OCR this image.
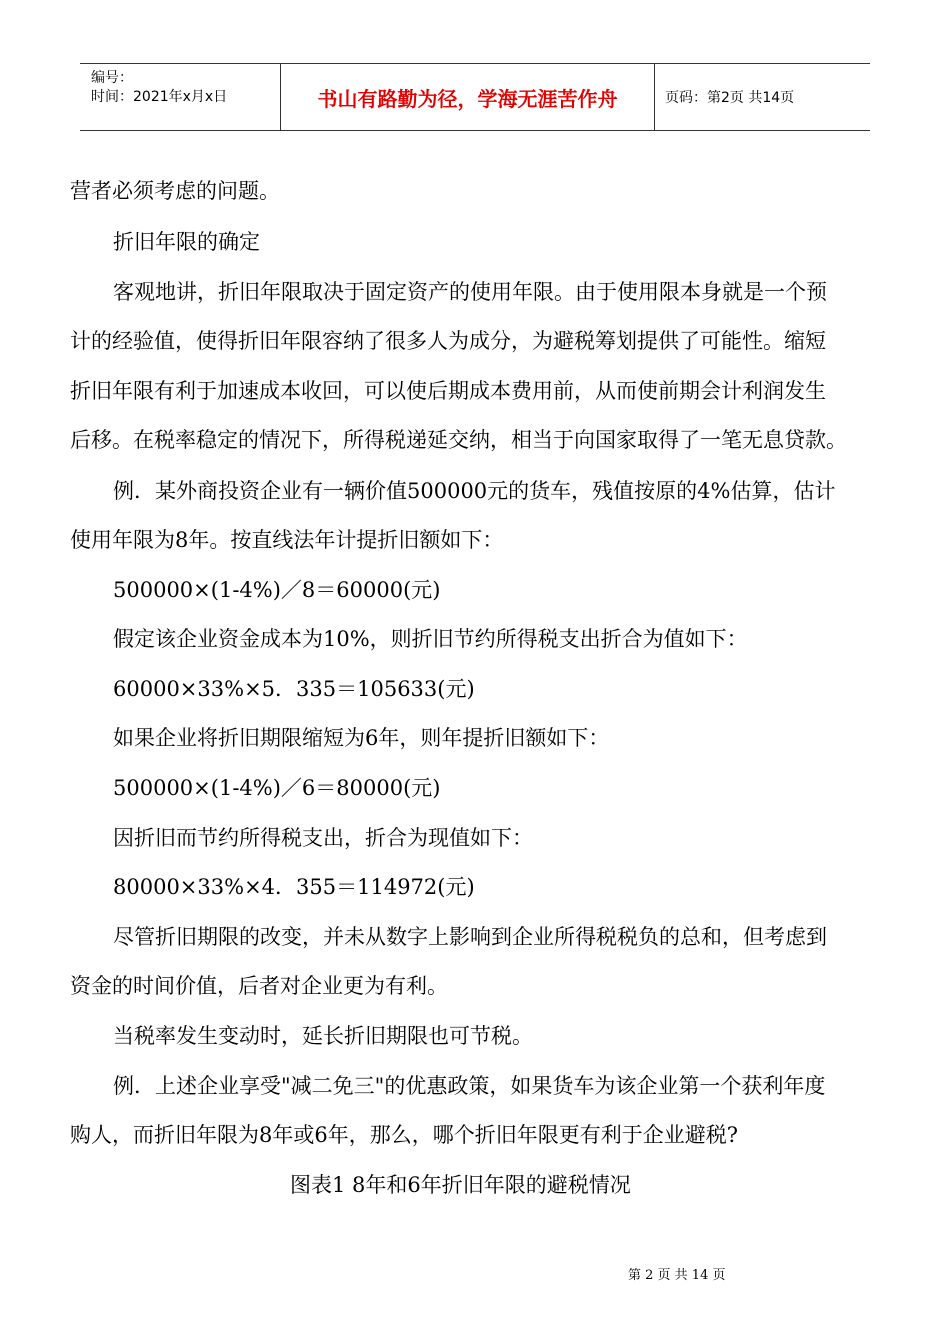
编号：
时间：2021年x月x日	书山有路勤为径，学海无涯苦作舟	页码：第2页 共14页
营者必须考虑的问题。
折旧年限的确定
客观地讲，折旧年限取决于固定资产的使用年限。由于使用限本身就是一个预
计的经验值，使得折旧年限容纳了很多人为成分，为避税筹划提供了可能性。缩短
折旧年限有利于加速成本收回，可以使后期成本费用前，从而使前期会计利润发生
后移。在税率稳定的情况下，所得税递延交纳，相当于向国家取得了一笔无息贷款。
例．某外商投资企业有一辆价值500000元的货车，残值按原的4%估算，估计
使用年限为8年。按直线法年计提折旧额如下：
500000×(1-4%)／8＝60000(元)
假定该企业资金成本为10%，则折旧节约所得税支出折合为值如下：
60000×33%×5．335＝105633(元)
如果企业将折旧期限缩短为6年，则年提折旧额如下：
500000×(1-4%)／6＝80000(元)
因折旧而节约所得税支出，折合为现值如下：
80000×33%×4．355＝114972(元)
尽管折旧期限的改变，并未从数字上影响到企业所得税税负的总和，但考虑到
资金的时间价值，后者对企业更为有利。
当税率发生变动时，延长折旧期限也可节税。
例．上述企业享受"减二免三"的优惠政策，如果货车为该企业第一个获利年度
购人，而折旧年限为8年或6年，那么，哪个折旧年限更有利于企业避税?
图表1 8年和6年折旧年限的避税情况
第 2 页 共 14 页
